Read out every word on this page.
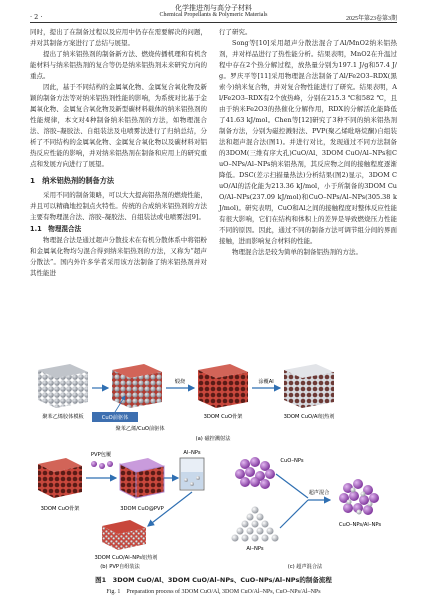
化学推进剂与高分子材料
Chemical Propellants & Polymeric Materials
· 2 ·	2025年第23卷第3期

同时，提出了在制备过程以及应用中仍存在需要解决的问题，并对其制备方案进行了总结与展望。

提出了纳米铝热剂的制备新方法、燃烧传播机理和有机含能材料与纳米铝热剂的复合等仍是纳米铝热剂未来研究方向的重点。

因此，基于不同结构的金属氧化物、金属复合氧化物及新颖的制备方法等对纳米铝热剂性能的影响，为系统对比基于金属氧化物、金属复合氧化物及新型碳材料载体的纳米铝热剂的性能规律，本文对4种制备纳米铝热剂的方法，如物理混合法、溶胶–凝胶法、自组装法及电喷雾法进行了归纳总结，分析了不同结构的金属氧化物、金属复合氧化物以及碳材料对铝热反应性能的影响，并对纳米铝热剂在制备和应用上的研究重点和发展方向进行了展望。

1　纳米铝热剂的制备方法

采用不同的制备策略，可以大大提高铝热剂的燃烧性能，并且可以精确地控制点火特性。传统的合成纳米铝热剂的方法主要有物理混合法、溶胶–凝胶法、自组装法或电喷雾法[9]。

1.1　物理混合法

物理混合法是通过超声分散技术在有机分散体系中将铝粉和金属氧化物均匀混合得到纳米铝热剂的方法，又称为“超声分散法”。国内外许多学者采用该方法制备了纳米铝热剂并对其性能进

行了研究。

Song等[10]采用超声分散法混合了Al/MnO2纳米铝热剂，并对样品进行了热性能分析。结果表明，MnO2在升温过程中存在2个热分解过程，放热量分别为197.1 J/g和57.4 J/g。罗庆平等[11]采用物理混合法制备了Al/Fe2O3–RDX(黑索今)纳米复合物，并对复合物性能进行了研究。结果表明，Al/Fe2O3–RDX有2个放热峰，分别在215.3 ℃和582 ℃，且由于纳米Fe2O3的热催化分解作用，RDX的分解活化能降低了41.63 kJ/mol。Chen等[12]研究了3种不同的纳米铝热剂制备方法，分别为磁控溅射法、PVP(聚乙烯吡咯烷酮)自组装法和超声混合法(图1)。并进行对比，发现通过不同方法制备的3DOM(三维有序大孔)CuO/Al、3DOM CuO/Al–NPs和CuO–NPs/Al–NPs纳米铝热剂，其反应物之间的接触程度逐渐降低。DSC(差示扫描量热法)分析结果(图2)显示，3DOM CuO/Al的活化能为213.36 kJ/mol，小于所制备的3DOM CuO/Al–NPs(237.09 kJ/mol)和CuO–NPs/Al–NPs(305.38 kJ/mol)。研究表明，CuO和Al之间的接触程度对整体反应性能有很大影响，它们在结构和体积上的差异是导致燃烧压力性能不同的原因。因此，通过不同的制备方法可调节组分间的界面接触，进而影响复合材料的性能。

物理混合法是较为简单的制备铝热剂的方法。

CuO前驱体
煅烧	涂覆Al
聚苯乙烯胶体模板
聚苯乙烯/CuO前驱体
3DOM CuO骨架	3DOM CuO/Al铝热剂
(a) 磁控溅射法
3DOM CuO骨架
PVP包覆
3DOM CuO@PVP
Al–NPs
3DOM CuO/Al–NPs铝热剂
(b) PVP自组装法
CuO–NPs
Al–NPs
超声混合
CuO–NPs/Al–NPs
(c) 超声混合法
图1　3DOM CuO/Al、3DOM CuO/Al–NPs、CuO–NPs/Al–NPs的制备流程
Fig. 1　Preparation process of 3DOM CuO/Al, 3DOM CuO/Al–NPs, CuO–NPs/Al–NPs
